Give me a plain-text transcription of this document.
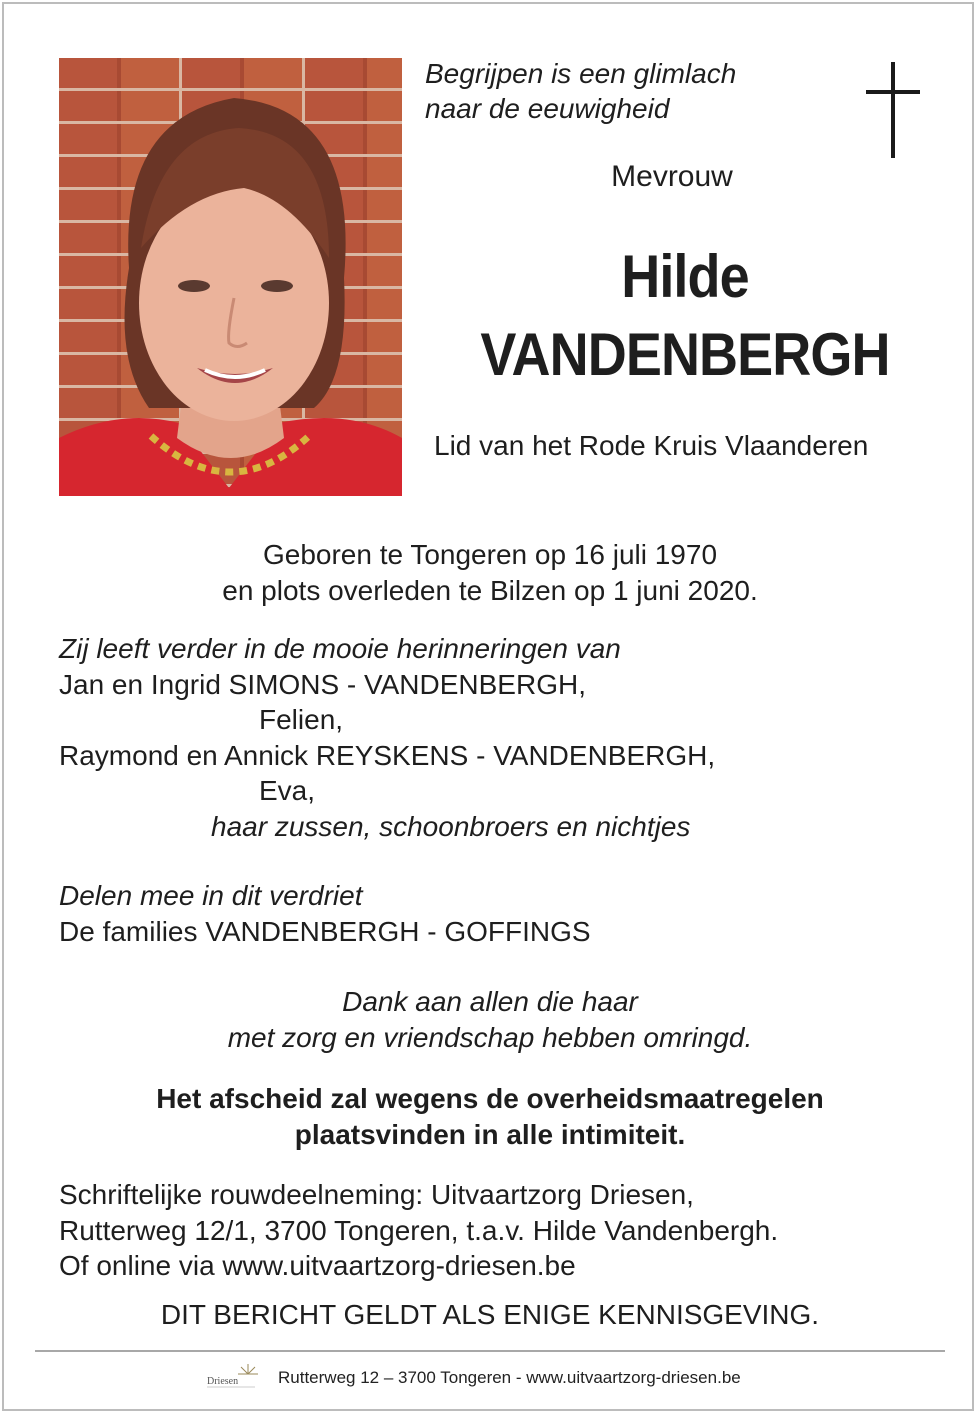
Begrijpen is een glimlach
naar de eeuwigheid

Mevrouw

Hilde

VANDENBERGH

Lid van het Rode Kruis Vlaanderen

Geboren te Tongeren op 16 juli 1970
en plots overleden te Bilzen op 1 juni 2020.

Zij leeft verder in de mooie herinneringen van
Jan en Ingrid SIMONS - VANDENBERGH,
Felien,
Raymond en Annick REYSKENS - VANDENBERGH,
Eva,
haar zussen, schoonbroers en nichtjes
Delen mee in dit verdriet
De families VANDENBERGH - GOFFINGS

Dank aan allen die haar
met zorg en vriendschap hebben omringd.

Het afscheid zal wegens de overheidsmaatregelen
plaatsvinden in alle intimiteit.

Schriftelijke rouwdeelneming: Uitvaartzorg Driesen,
Rutterweg 12/1, 3700 Tongeren, t.a.v. Hilde Vandenbergh.
Of online via www.uitvaartzorg-driesen.be

DIT BERICHT GELDT ALS ENIGE KENNISGEVING.

Driesen Rutterweg 12 – 3700 Tongeren - www.uitvaartzorg-driesen.be
